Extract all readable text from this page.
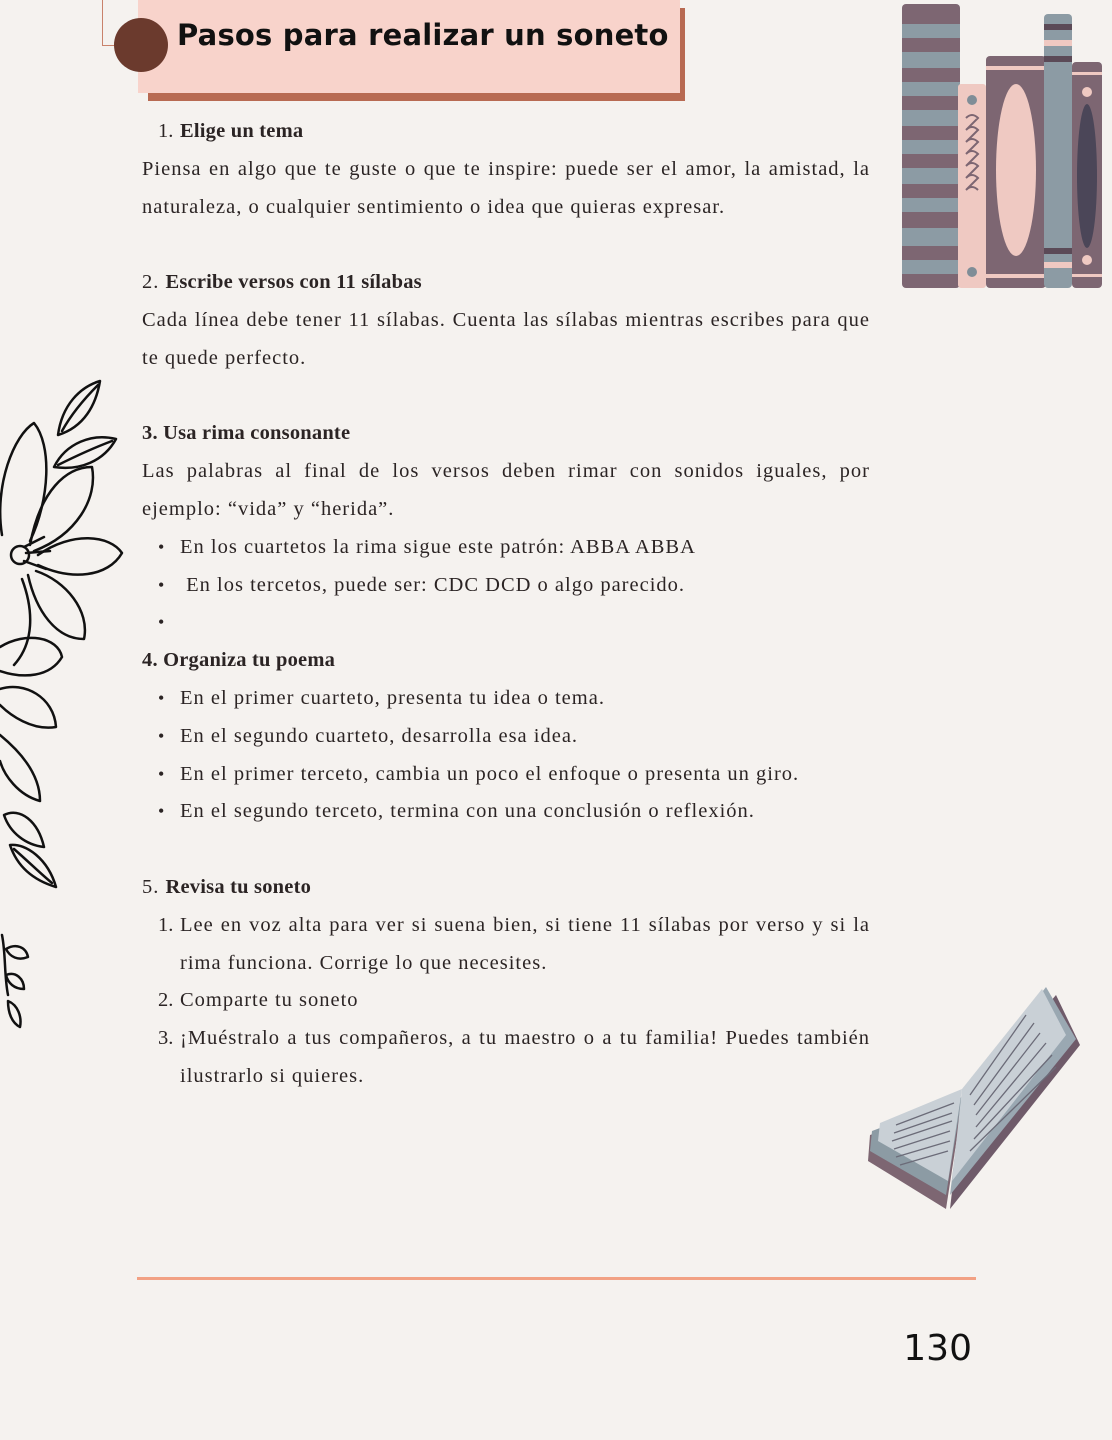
Pasos para realizar un soneto
1. Elige un tema

Piensa en algo que te guste o que te inspire: puede ser el amor, la amistad, la naturaleza, o cualquier sentimiento o idea que quieras expresar.

2. Escribe versos con 11 sílabas

Cada línea debe tener 11 sílabas. Cuenta las sílabas mientras escribes para que te quede perfecto.

3. Usa rima consonante

Las palabras al final de los versos deben rimar con sonidos iguales, por ejemplo: “vida” y “herida”.

• En los cuartetos la rima sigue este patrón: ABBA ABBA
• En los tercetos, puede ser: CDC DCD o algo parecido.
•

4. Organiza tu poema

• En el primer cuarteto, presenta tu idea o tema.
• En el segundo cuarteto, desarrolla esa idea.
• En el primer terceto, cambia un poco el enfoque o presenta un giro.
• En el segundo terceto, termina con una conclusión o reflexión.

5. Revisa tu soneto

1. Lee en voz alta para ver si suena bien, si tiene 11 sílabas por verso y si la rima funciona. Corrige lo que necesites.
2. Comparte tu soneto
3. ¡Muéstralo a tus compañeros, a tu maestro o a tu familia! Puedes también ilustrarlo si quieres.
130
